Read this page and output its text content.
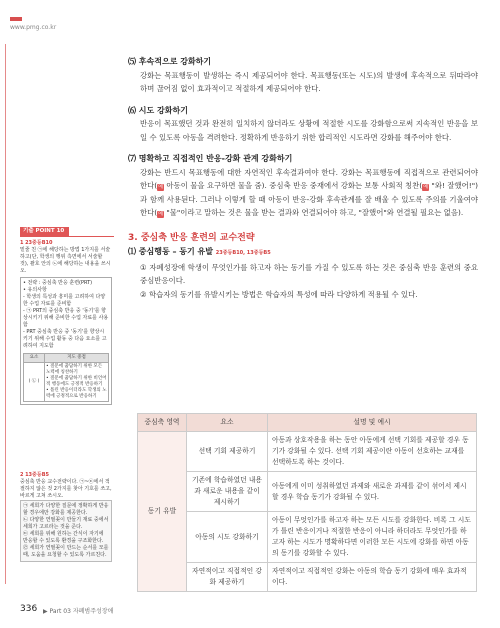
www.pmg.co.kr
기출 POINT 10
1 23중등B10
밑줄 친 ㉠에 해당하는 방법 1가지를 서술하고(단, 학생의 행위 측면에서 서술할 것), 괄호 안의 ㉡에 해당하는 내용을 쓰시오.
• 전략 : 중심축 반응 훈련(PRT)
• 유의사항
- 학생의 특성과 흥미를 고려하여 다양한 수업 자료를 준비함
- ㉠ PRT의 중심축 반응 중 '동기'를 향상시키기 위해 준비한 수업 자료를 사용함
- PRT 중심축 반응 중 '동기'를 향상시키기 위해 수업 활동 중 다음 요소를 고려하여 지도함
요소	지도 중점
( ㉡ )	• 질문에 꿈답하기 위한 모든 노력에 칭찬하기
• 질문에 꿈답하기 위한 비언어적 행동에도 긍정적 반응하기
• 틀린 반응이더라도 학생의 노력에 긍정적으로 반응하기
2 13중등B5
중심축 반응 교수전략이다. ㉠~㉢에서 적절하지 않은 것 2가지를 찾아 기호를 쓰고, 바르게 고쳐 쓰시오.
㉠ 세희가 다양한 질문에 정확하게 반응할 경우에만 강화를 제공한다.
㉡ 다양한 연필꽂이 만들기 재료 중에서 세희가 고르라는 것을 준다.
㉢ 세희를 위해 원하는 간식이 자기에 반응할 수 있도록 환경을 구조화한다.
㉣ 세희가 연필꽂이 만드는 순서를 모를 때, 도움을 요청할 수 있도록 가르친다.
⑸ 후속적으로 강화하기
강화는 목표행동이 발생하는 즉시 제공되어야 한다. 목표행동(또는 시도)의 발생에 후속적으로 뒤따라야 하며 끊어짐 없이 효과적이고 적절하게 제공되어야 한다.
⑹ 시도 강화하기
반응이 목표했던 것과 완전히 일치하지 않더라도 상황에 적절한 시도를 강화함으로써 지속적인 반응을 보일 수 있도록 아동을 격려한다. 정확하게 반응하기 위한 합리적인 시도라면 강화를 해주어야 한다.
⑺ 명확하고 직접적인 반응-강화 관계 강화하기
강화는 반드시 목표행동에 대한 자연적인 후속결과여야 한다. 강화는 목표행동에 직접적으로 관련되어야 한다(예 아동이 물을 요구하면 물을 줌). 중심축 반응 중재에서 강화는 보통 사회적 칭찬(예 "와! 잘했어!")과 함께 사용된다. 그러나 이렇게 할 때 아동이 반응-강화 후속관계를 잘 배울 수 있도록 주의를 기울여야 한다(예 "물"이라고 말하는 것은 물을 받는 결과와 연결되어야 하고, "잘했어"와 연결될 필요는 없음).
3. 중심축 반응 훈련의 교수전략
⑴ 중심행동 – 동기 유발 23중등B10, 13중등B5
① 자폐성장애 학생이 무엇인가를 하고자 하는 동기를 가질 수 있도록 하는 것은 중심축 반응 훈련의 중요 중심반응이다.
② 학습자의 동기를 유발시키는 방법은 학습자의 특성에 따라 다양하게 적용될 수 있다.
중심축 영역	요소	설명 및 예시
동기 유발	선택 기회 제공하기	아동과 상호작용을 하는 동안 아동에게 선택 기회를 제공할 경우 동기가 강화될 수 있다. 선택 기회 제공이란 아동이 선호하는 교재를 선택하도록 하는 것이다.
	기존에 학습하였던 내용과 새로운 내용을 같이 제시하기	아동에게 이미 성취하였던 과제와 새로운 과제를 같이 섞어서 제시할 경우 학습 동기가 강화될 수 있다.
	아동의 시도 강화하기	아동이 무엇인가를 하고자 하는 모든 시도를 강화한다. 비록 그 시도가 틀린 반응이거나 적절한 반응이 아니라 하더라도 무엇인가를 하고자 하는 시도가 명확하다면 이러한 모든 시도에 강화를 하면 아동의 동기를 강화할 수 있다.
	자연적이고 직접적인 강화 제공하기	자연적이고 직접적인 강화는 아동의 학습 동기 강화에 매우 효과적이다.
336 ▶ Part 03 자폐범주성장애
